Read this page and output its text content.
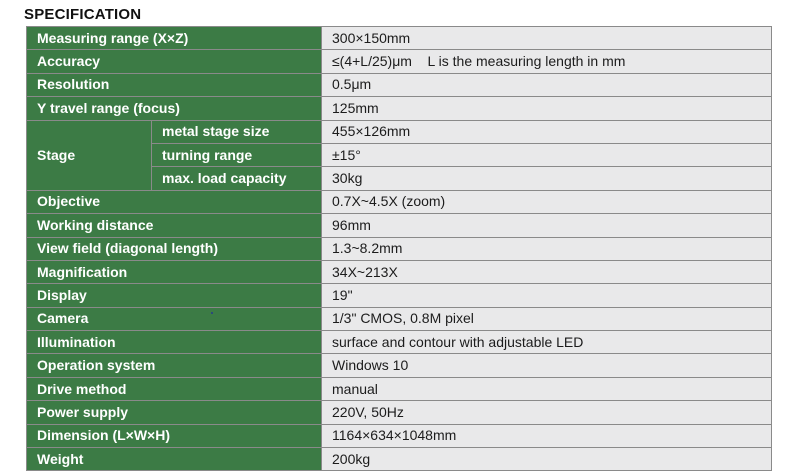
SPECIFICATION
Measuring range (X×Z)		300×150mm
Accuracy		≤(4+L/25)μm    L is the measuring length in mm
Resolution		0.5μm
Y travel range (focus)		125mm
Stage	metal stage size	455×126mm
	turning range	±15°
	max. load capacity	30kg
Objective		0.7X~4.5X (zoom)
Working distance		96mm
View field (diagonal length)		1.3~8.2mm
Magnification		34X~213X
Display		19"
Camera		1/3" CMOS, 0.8M pixel
Illumination		surface and contour with adjustable LED
Operation system		Windows 10
Drive method		manual
Power supply		220V, 50Hz
Dimension (L×W×H)		1164×634×1048mm
Weight		200kg
